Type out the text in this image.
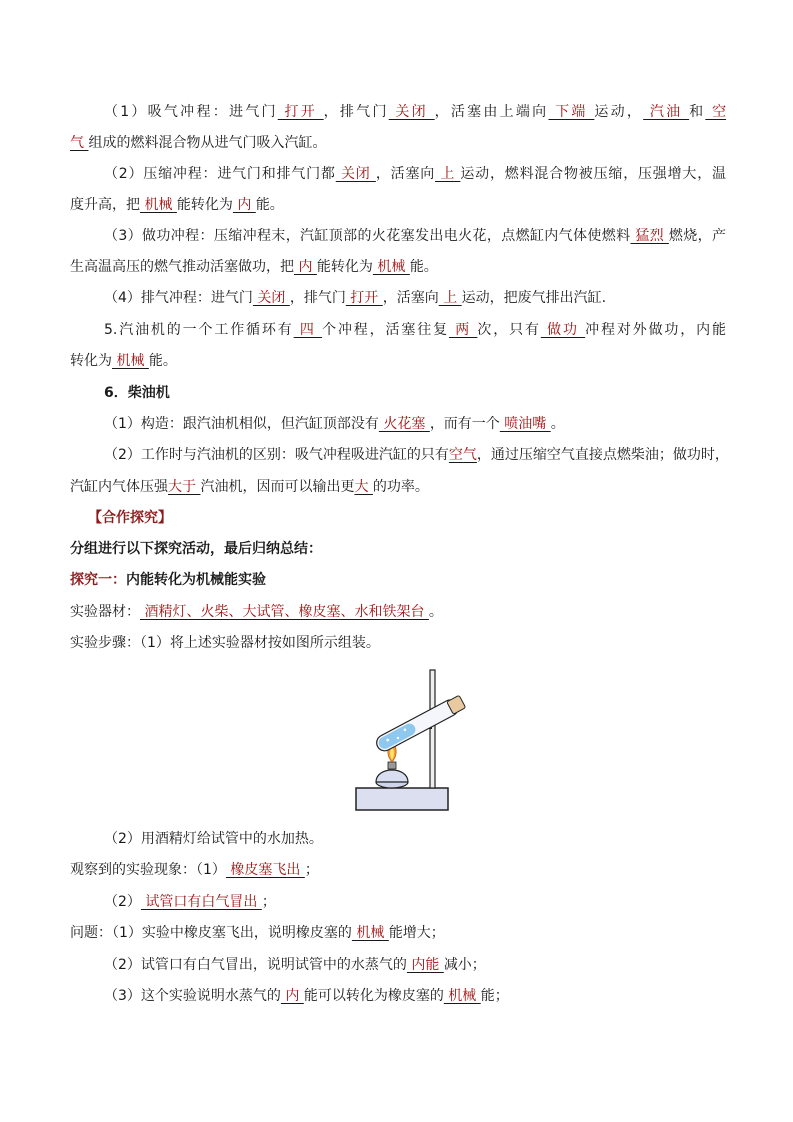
（1）吸气冲程：进气门 打开 ，排气门 关闭 ，活塞由上端向 下端 运动， 汽油 和 空
气 组成的燃料混合物从进气门吸入汽缸。
（2）压缩冲程：进气门和排气门都 关闭 ，活塞向 上 运动，燃料混合物被压缩，压强增大，温
度升高，把 机械 能转化为 内 能。
（3）做功冲程：压缩冲程末，汽缸顶部的火花塞发出电火花，点燃缸内气体使燃料 猛烈 燃烧，产
生高温高压的燃气推动活塞做功，把 内 能转化为 机械 能。
（4）排气冲程：进气门 关闭 ，排气门 打开 ，活塞向 上 运动，把废气排出汽缸.
5.汽油机的一个工作循环有 四 个冲程，活塞往复 两 次，只有 做功 冲程对外做功，内能
转化为 机械 能。
6．柴油机
（1）构造：跟汽油机相似，但汽缸顶部没有 火花塞 ，而有一个 喷油嘴 。
（2）工作时与汽油机的区别：吸气冲程吸进汽缸的只有空气，通过压缩空气直接点燃柴油；做功时，
汽缸内气体压强大于 汽油机，因而可以输出更大 的功率。
【合作探究】
分组进行以下探究活动，最后归纳总结：
探究一：内能转化为机械能实验
实验器材： 酒精灯、火柴、大试管、橡皮塞、水和铁架台 。
实验步骤：（1）将上述实验器材按如图所示组装。
（2）用酒精灯给试管中的水加热。
观察到的实验现象：（1） 橡皮塞飞出 ；
（2） 试管口有白气冒出 ；
问题：（1）实验中橡皮塞飞出，说明橡皮塞的 机械 能增大；
（2）试管口有白气冒出，说明试管中的水蒸气的 内能 减小；
（3）这个实验说明水蒸气的 内 能可以转化为橡皮塞的 机械 能；
